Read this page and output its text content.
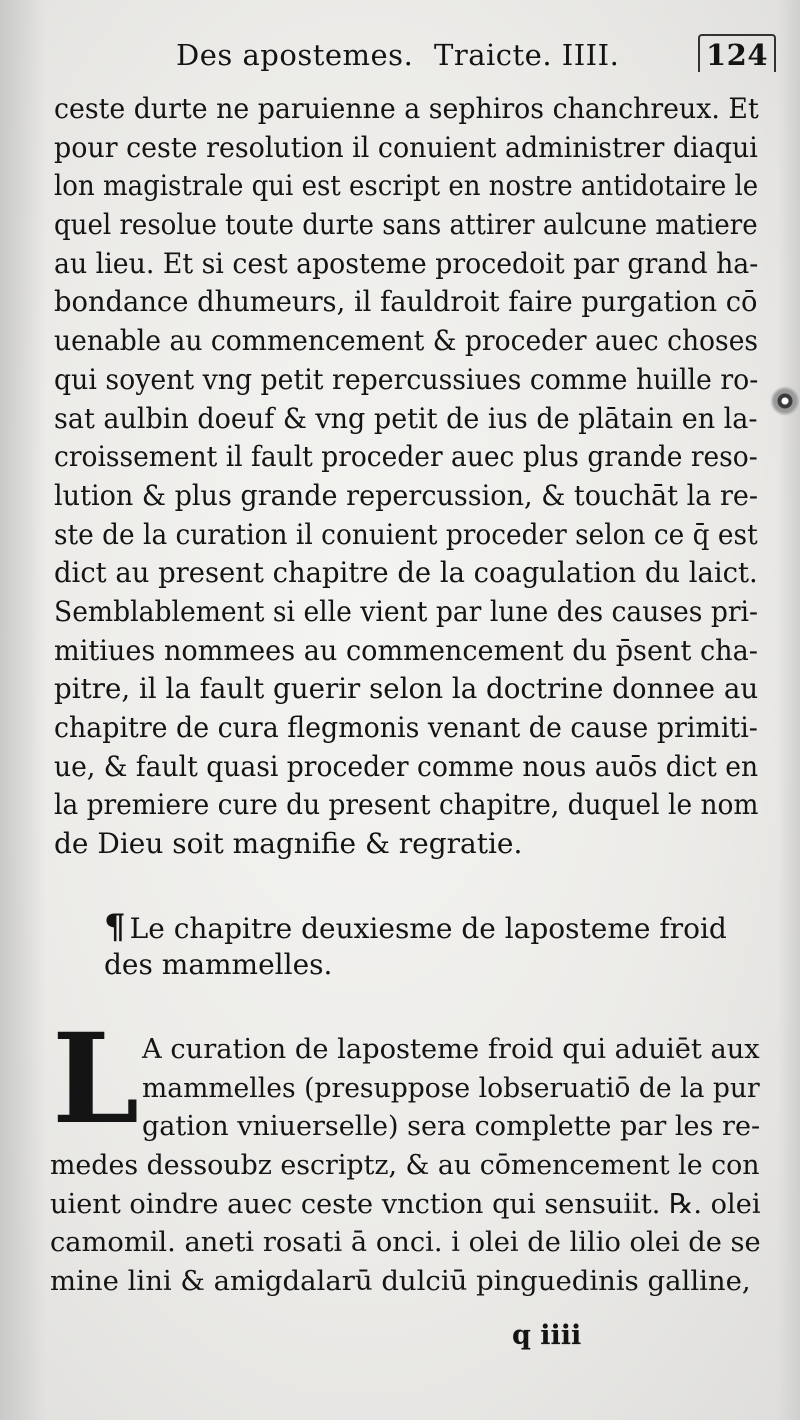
Des apostemes. Traicte. IIII.	124
ceste durte ne paruienne a sephiros chanchreux. Et
pour ceste resolution il conuient administrer diaqui
lon magistrale qui est escript en nostre antidotaire le
quel resolue toute durte sans attirer aulcune matiere
au lieu. Et si cest aposteme procedoit par grand ha-
bondance dhumeurs, il fauldroit faire purgation cō
uenable au commencement & proceder auec choses
qui soyent vng petit repercussiues comme huille ro-
sat aulbin doeuf & vng petit de ius de plātain en la-
croissement il fault proceder auec plus grande reso-
lution & plus grande repercussion, & touchāt la re-
ste de la curation il conuient proceder selon ce q̄ est
dict au present chapitre de la coagulation du laict.
Semblablement si elle vient par lune des causes pri-
mitiues nommees au commencement du p̄sent cha-
pitre, il la fault guerir selon la doctrine donnee au
chapitre de cura flegmonis venant de cause primiti-
ue, & fault quasi proceder comme nous auōs dict en
la premiere cure du present chapitre, duquel le nom
de Dieu soit magnifie & regratie.
¶ Le chapitre deuxiesme de laposteme froid
des mammelles.
L A curation de laposteme froid qui aduiēt aux
mammelles (presuppose lobseruatiō de la pur
gation vniuerselle) sera complette par les re-
medes dessoubz escriptz, & au cōmencement le con
uient oindre auec ceste vnction qui sensuiit. ℞. olei
camomil. aneti rosati ā onci. i olei de lilio olei de se
mine lini & amigdalarū dulciū pinguedinis galline,
q iiii
